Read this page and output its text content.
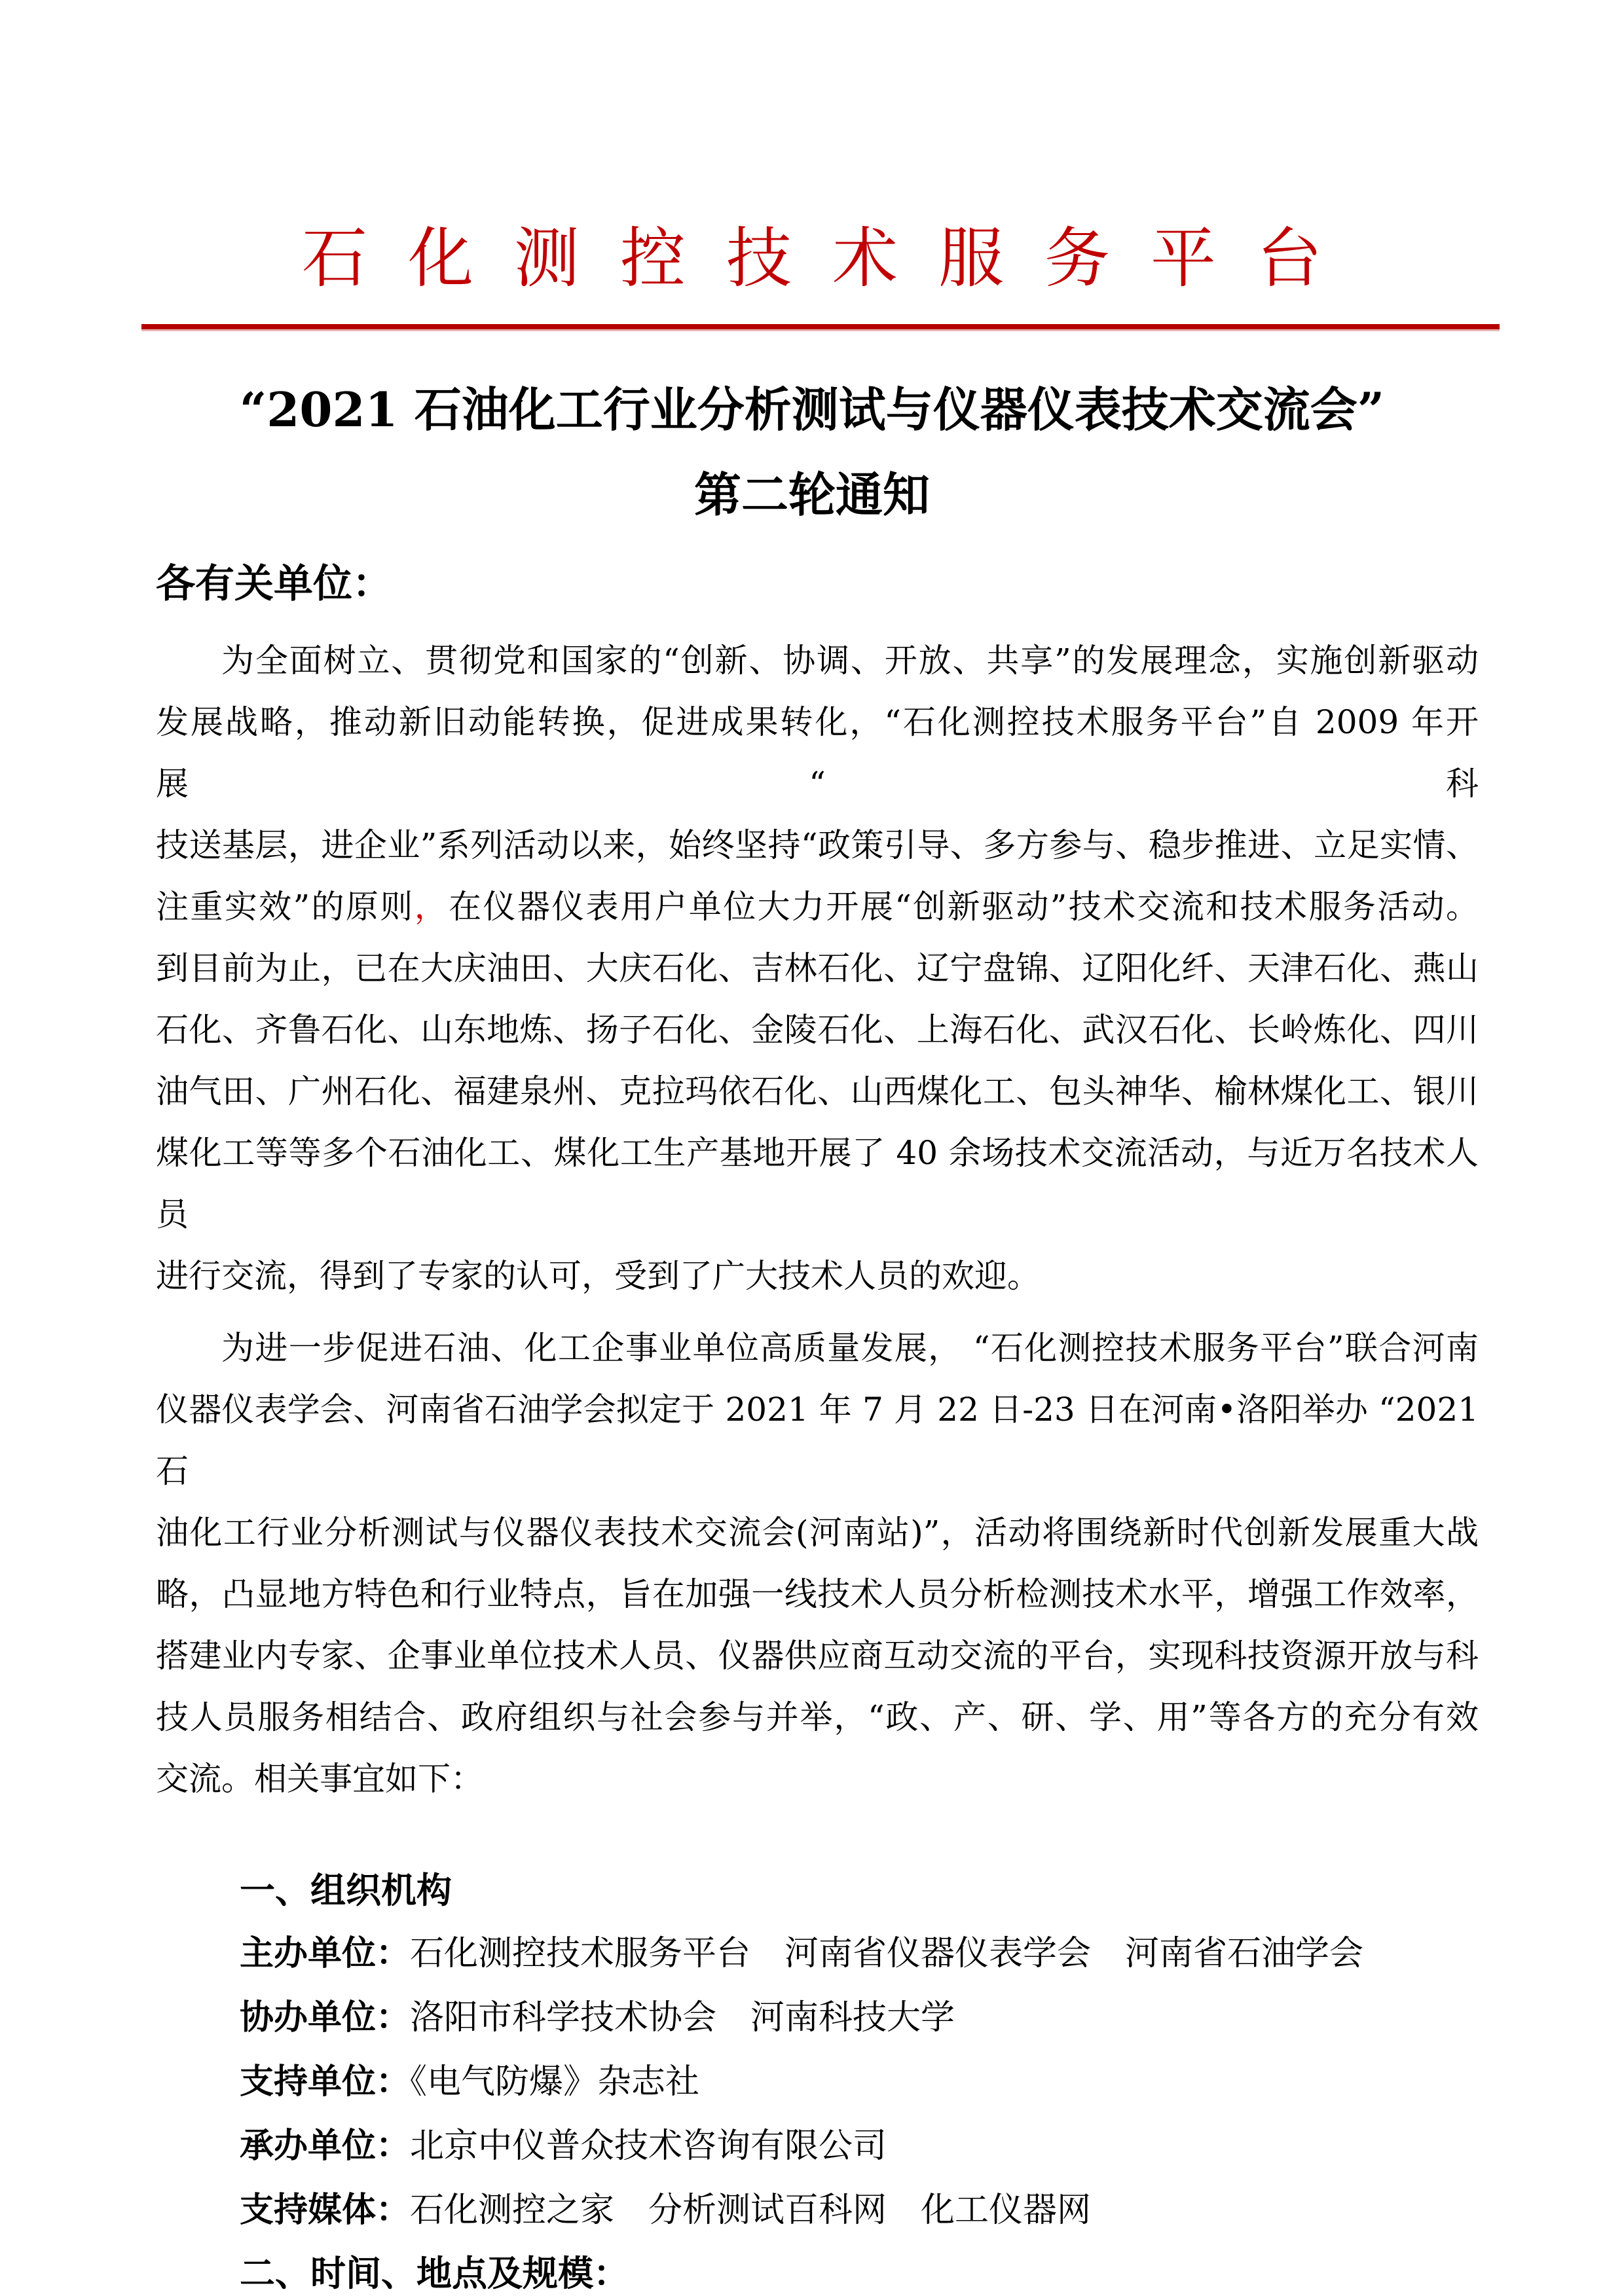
石化测控技术服务平台
“2021 石油化工行业分析测试与仪器仪表技术交流会”
第二轮通知
各有关单位：
为全面树立、贯彻党和国家的“创新、协调、开放、共享”的发展理念，实施创新驱动
发展战略，推动新旧动能转换，促进成果转化，“石化测控技术服务平台”自 2009 年开展“科
技送基层，进企业”系列活动以来，始终坚持“政策引导、多方参与、稳步推进、立足实情、
注重实效”的原则，在仪器仪表用户单位大力开展“创新驱动”技术交流和技术服务活动。
到目前为止，已在大庆油田、大庆石化、吉林石化、辽宁盘锦、辽阳化纤、天津石化、燕山
石化、齐鲁石化、山东地炼、扬子石化、金陵石化、上海石化、武汉石化、长岭炼化、四川
油气田、广州石化、福建泉州、克拉玛依石化、山西煤化工、包头神华、榆林煤化工、银川
煤化工等等多个石油化工、煤化工生产基地开展了 40 余场技术交流活动，与近万名技术人员
进行交流，得到了专家的认可，受到了广大技术人员的欢迎。
为进一步促进石油、化工企事业单位高质量发展， “石化测控技术服务平台”联合河南
仪器仪表学会、河南省石油学会拟定于 2021 年 7 月 22 日-23 日在河南•洛阳举办 “2021 石
油化工行业分析测试与仪器仪表技术交流会(河南站)”，活动将围绕新时代创新发展重大战
略，凸显地方特色和行业特点，旨在加强一线技术人员分析检测技术水平，增强工作效率，
搭建业内专家、企事业单位技术人员、仪器供应商互动交流的平台，实现科技资源开放与科
技人员服务相结合、政府组织与社会参与并举，“政、产、研、学、用”等各方的充分有效
交流。相关事宜如下：
一、组织机构
主办单位：石化测控技术服务平台　河南省仪器仪表学会　河南省石油学会
协办单位：洛阳市科学技术协会　河南科技大学
支持单位：《电气防爆》杂志社
承办单位：北京中仪普众技术咨询有限公司
支持媒体：石化测控之家　分析测试百科网　化工仪器网
二、时间、地点及规模：
